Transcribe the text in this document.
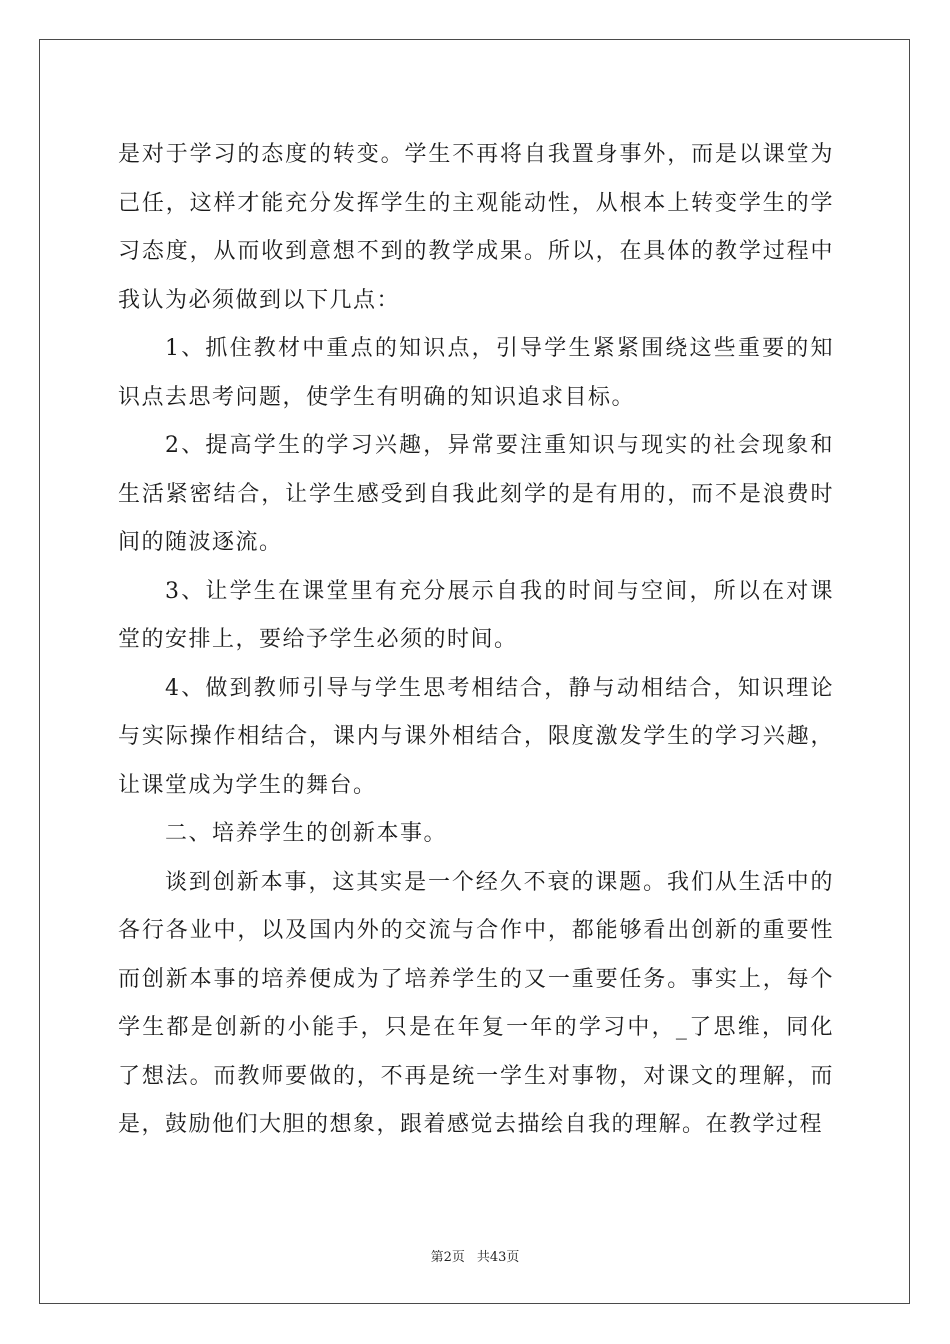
是对于学习的态度的转变。学生不再将自我置身事外，而是以课堂为己任，这样才能充分发挥学生的主观能动性，从根本上转变学生的学习态度，从而收到意想不到的教学成果。所以，在具体的教学过程中我认为必须做到以下几点：

1、抓住教材中重点的知识点，引导学生紧紧围绕这些重要的知识点去思考问题，使学生有明确的知识追求目标。

2、提高学生的学习兴趣，异常要注重知识与现实的社会现象和生活紧密结合，让学生感受到自我此刻学的是有用的，而不是浪费时间的随波逐流。

3、让学生在课堂里有充分展示自我的时间与空间，所以在对课堂的安排上，要给予学生必须的时间。

4、做到教师引导与学生思考相结合，静与动相结合，知识理论与实际操作相结合，课内与课外相结合，限度激发学生的学习兴趣，让课堂成为学生的舞台。

二、培养学生的创新本事。

谈到创新本事，这其实是一个经久不衰的课题。我们从生活中的各行各业中，以及国内外的交流与合作中，都能够看出创新的重要性而创新本事的培养便成为了培养学生的又一重要任务。事实上，每个学生都是创新的小能手，只是在年复一年的学习中，_了思维，同化了想法。而教师要做的，不再是统一学生对事物，对课文的理解，而是，鼓励他们大胆的想象，跟着感觉去描绘自我的理解。在教学过程

第2页 共43页
